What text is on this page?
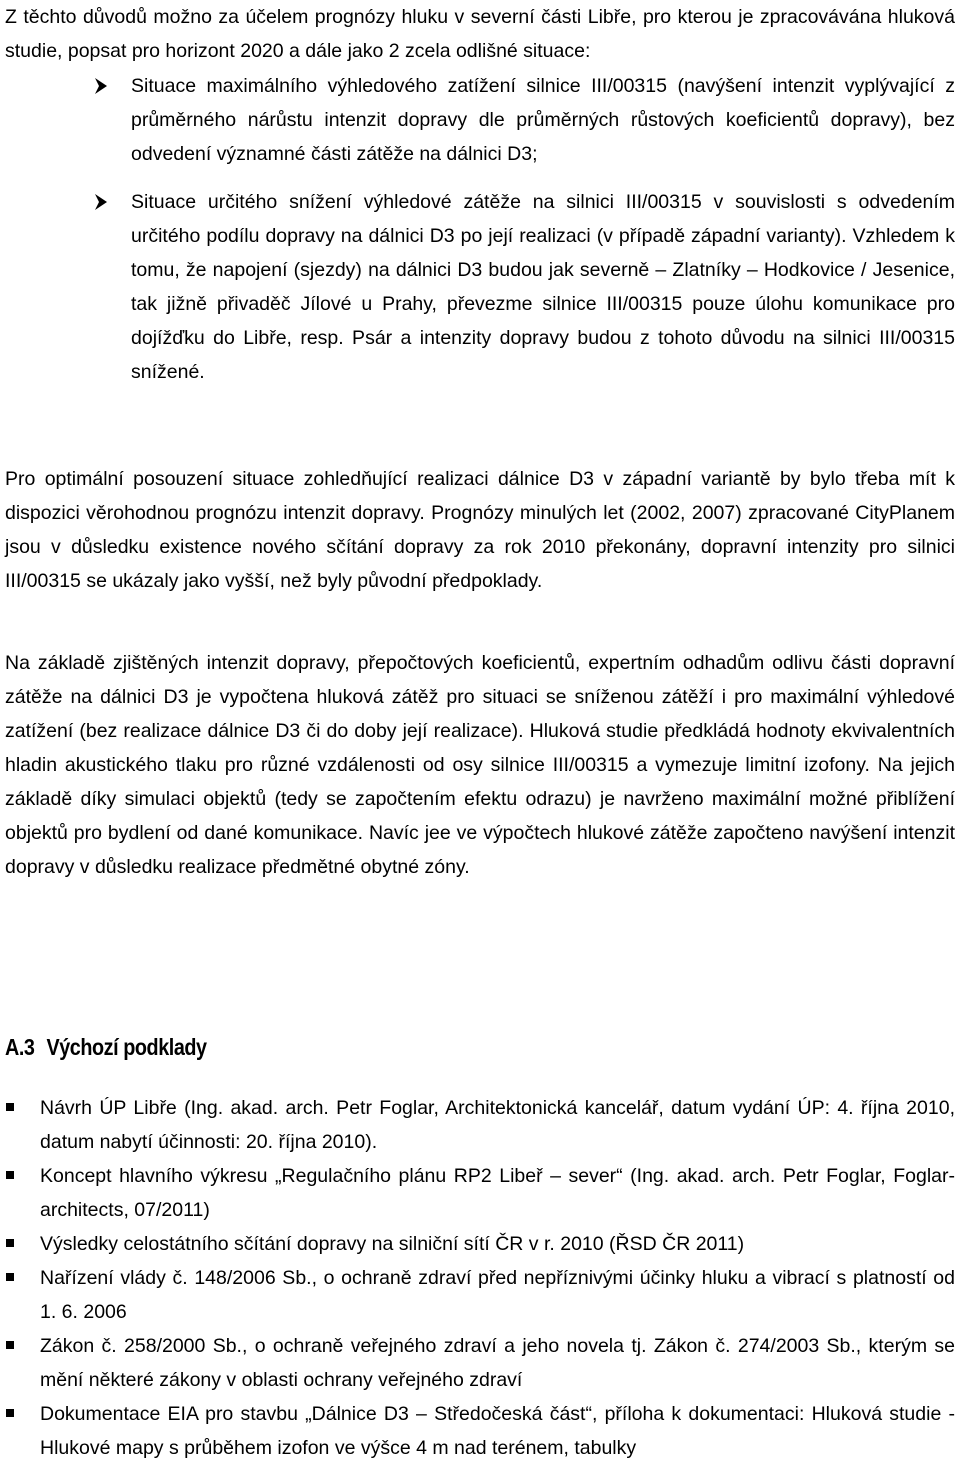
Z těchto důvodů možno za účelem prognózy hluku v severní části Libře, pro kterou je zpracovávána hluková studie, popsat pro horizont 2020 a dále jako 2 zcela odlišné situace:

Situace maximálního výhledového zatížení silnice III/00315 (navýšení intenzit vyplývající z průměrného nárůstu intenzit dopravy dle průměrných růstových koeficientů dopravy), bez odvedení významné části zátěže na dálnici D3;
Situace určitého snížení výhledové zátěže na silnici III/00315 v souvislosti s odvedením určitého podílu dopravy na dálnici D3 po její realizaci (v případě západní varianty). Vzhledem k tomu, že napojení (sjezdy) na dálnici D3 budou jak severně – Zlatníky – Hodkovice / Jesenice, tak jižně přivaděč Jílové u Prahy, převezme silnice III/00315 pouze úlohu komunikace pro dojížďku do Libře, resp. Psár a intenzity dopravy budou z tohoto důvodu na silnici III/00315 snížené.

Pro optimální posouzení situace zohledňující realizaci dálnice D3 v západní variantě by bylo třeba mít k dispozici věrohodnou prognózu intenzit dopravy. Prognózy minulých let (2002, 2007) zpracované CityPlanem jsou v důsledku existence nového sčítání dopravy za rok 2010 překonány, dopravní intenzity pro silnici III/00315 se ukázaly jako vyšší, než byly původní předpoklady.

Na základě zjištěných intenzit dopravy, přepočtových koeficientů, expertním odhadům odlivu části dopravní zátěže na dálnici D3 je vypočtena hluková zátěž pro situaci se sníženou zátěží i pro maximální výhledové zatížení (bez realizace dálnice D3 či do doby její realizace). Hluková studie předkládá hodnoty ekvivalentních hladin akustického tlaku pro různé vzdálenosti od osy silnice III/00315 a vymezuje limitní izofony. Na jejich základě díky simulaci objektů (tedy se započtením efektu odrazu) je navrženo maximální možné přiblížení objektů pro bydlení od dané komunikace. Navíc jee ve výpočtech hlukové zátěže započteno navýšení intenzit dopravy v důsledku realizace předmětné obytné zóny.

A.3 Výchozí podklady
Návrh ÚP Libře (Ing. akad. arch. Petr Foglar, Architektonická kancelář, datum vydání ÚP: 4. října 2010, datum nabytí účinnosti: 20. října 2010).
Koncept hlavního výkresu „Regulačního plánu RP2 Libeř – sever“ (Ing. akad. arch. Petr Foglar, Foglar-architects, 07/2011)
Výsledky celostátního sčítání dopravy na silniční sítí ČR v r. 2010 (ŘSD ČR 2011)
Nařízení vlády č. 148/2006 Sb., o ochraně zdraví před nepříznivými účinky hluku a vibrací s platností od 1. 6. 2006
Zákon č. 258/2000 Sb., o ochraně veřejného zdraví a jeho novela tj. Zákon č. 274/2003 Sb., kterým se mění některé zákony v oblasti ochrany veřejného zdraví
Dokumentace EIA pro stavbu „Dálnice D3 – Středočeská část“, příloha k dokumentaci: Hluková studie - Hlukové mapy s průběhem izofon ve výšce 4 m nad terénem, tabulky
